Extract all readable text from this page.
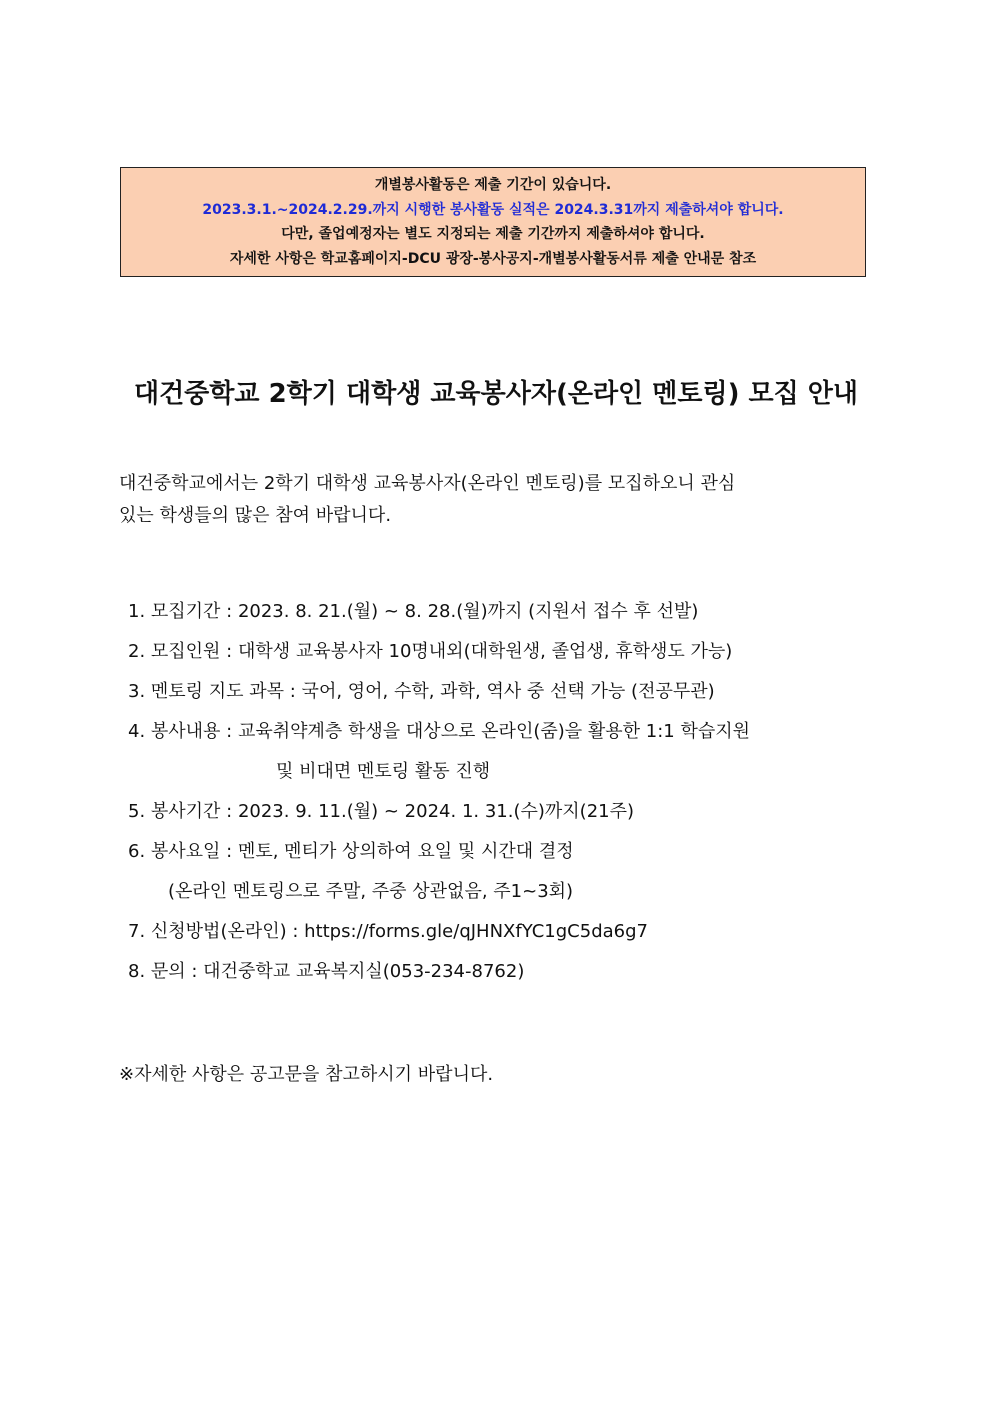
개별봉사활동은 제출 기간이 있습니다.
2023.3.1.~2024.2.29.까지 시행한 봉사활동 실적은 2024.3.31까지 제출하셔야 합니다.
다만, 졸업예정자는 별도 지정되는 제출 기간까지 제출하셔야 합니다.
자세한 사항은 학교홈페이지-DCU 광장-봉사공지-개별봉사활동서류 제출 안내문 참조
대건중학교 2학기 대학생 교육봉사자(온라인 멘토링) 모집 안내
대건중학교에서는 2학기 대학생 교육봉사자(온라인 멘토링)를 모집하오니 관심
있는 학생들의 많은 참여 바랍니다.
1. 모집기간 : 2023. 8. 21.(월) ~ 8. 28.(월)까지 (지원서 접수 후 선발)
2. 모집인원 : 대학생 교육봉사자 10명내외(대학원생, 졸업생, 휴학생도 가능)
3. 멘토링 지도 과목 : 국어, 영어, 수학, 과학, 역사 중 선택 가능 (전공무관)
4. 봉사내용 : 교육취약계층 학생을 대상으로 온라인(줌)을 활용한 1:1 학습지원
및 비대면 멘토링 활동 진행
5. 봉사기간 : 2023. 9. 11.(월) ~ 2024. 1. 31.(수)까지(21주)
6. 봉사요일 : 멘토, 멘티가 상의하여 요일 및 시간대 결정
(온라인 멘토링으로 주말, 주중 상관없음, 주1~3회)
7. 신청방법(온라인) : https://forms.gle/qJHNXfYC1gC5da6g7
8. 문의 : 대건중학교 교육복지실(053-234-8762)
※자세한 사항은 공고문을 참고하시기 바랍니다.
